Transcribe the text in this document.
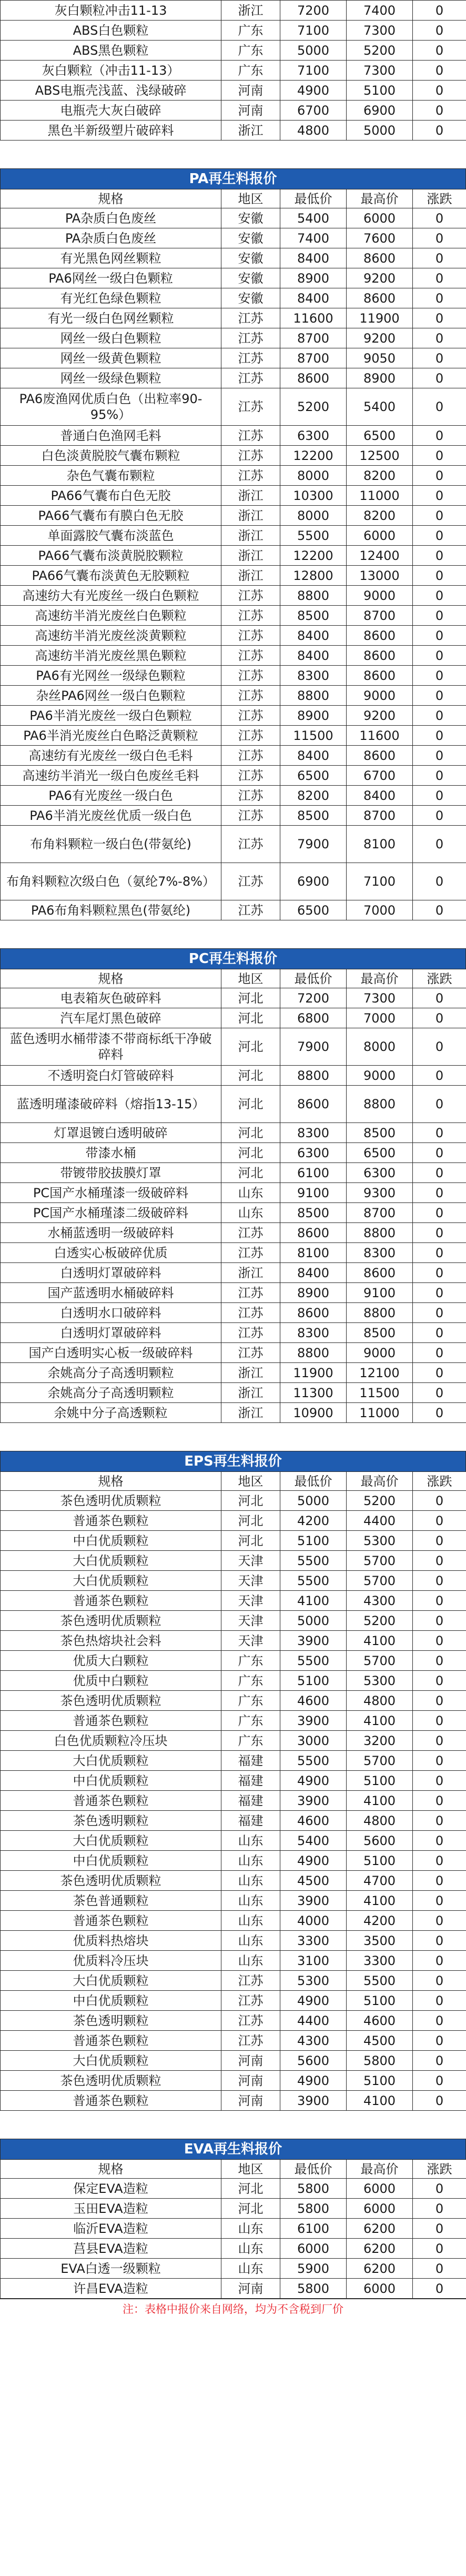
灰白颗粒冲击11-13	浙江	7200	7400	0
ABS白色颗粒	广东	7100	7300	0
ABS黑色颗粒	广东	5000	5200	0
灰白颗粒（冲击11-13）	广东	7100	7300	0
ABS电瓶壳浅蓝、浅绿破碎	河南	4900	5100	0
电瓶壳大灰白破碎	河南	6700	6900	0
黑色半新级塑片破碎料	浙江	4800	5000	0
PA再生料报价
规格	地区	最低价	最高价	涨跌
PA杂质白色废丝	安徽	5400	6000	0
PA杂质白色废丝	安徽	7400	7600	0
有光黑色网丝颗粒	安徽	8400	8600	0
PA6网丝一级白色颗粒	安徽	8900	9200	0
有光红色绿色颗粒	安徽	8400	8600	0
有光一级白色网丝颗粒	江苏	11600	11900	0
网丝一级白色颗粒	江苏	8700	9200	0
网丝一级黄色颗粒	江苏	8700	9050	0
网丝一级绿色颗粒	江苏	8600	8900	0
PA6废渔网优质白色（出粒率90-95%）	江苏	5200	5400	0
普通白色渔网毛料	江苏	6300	6500	0
白色淡黄脱胶气囊布颗粒	江苏	12200	12500	0
杂色气囊布颗粒	江苏	8000	8200	0
PA66气囊布白色无胶	浙江	10300	11000	0
PA66气囊布有膜白色无胶	浙江	8000	8200	0
单面露胶气囊布淡蓝色	浙江	5500	6000	0
PA66气囊布淡黄脱胶颗粒	浙江	12200	12400	0
PA66气囊布淡黄色无胶颗粒	浙江	12800	13000	0
高速纺大有光废丝一级白色颗粒	江苏	8800	9000	0
高速纺半消光废丝白色颗粒	江苏	8500	8700	0
高速纺半消光废丝淡黄颗粒	江苏	8400	8600	0
高速纺半消光废丝黑色颗粒	江苏	8400	8600	0
PA6有光网丝一级绿色颗粒	江苏	8300	8600	0
杂丝PA6网丝一级白色颗粒	江苏	8800	9000	0
PA6半消光废丝一级白色颗粒	江苏	8900	9200	0
PA6半消光废丝白色略泛黄颗粒	江苏	11500	11600	0
高速纺有光废丝一级白色毛料	江苏	8400	8600	0
高速纺半消光一级白色废丝毛料	江苏	6500	6700	0
PA6有光废丝一级白色	江苏	8200	8400	0
PA6半消光废丝优质一级白色	江苏	8500	8700	0
布角料颗粒一级白色(带氨纶)	江苏	7900	8100	0
布角料颗粒次级白色（氨纶7%-8%）	江苏	6900	7100	0
PA6布角料颗粒黑色(带氨纶)	江苏	6500	7000	0
PC再生料报价
规格	地区	最低价	最高价	涨跌
电表箱灰色破碎料	河北	7200	7300	0
汽车尾灯黑色破碎	河北	6800	7000	0
蓝色透明水桶带漆不带商标纸干净破碎料	河北	7900	8000	0
不透明瓷白灯管破碎料	河北	8800	9000	0
蓝透明瑾漆破碎料（熔指13-15）	河北	8600	8800	0
灯罩退镀白透明破碎	河北	8300	8500	0
带漆水桶	河北	6300	6500	0
带镀带胶拔膜灯罩	河北	6100	6300	0
PC国产水桶瑾漆一级破碎料	山东	9100	9300	0
PC国产水桶瑾漆二级破碎料	山东	8500	8700	0
水桶蓝透明一级破碎料	江苏	8600	8800	0
白透实心板破碎优质	江苏	8100	8300	0
白透明灯罩破碎料	浙江	8400	8600	0
国产蓝透明水桶破碎料	江苏	8900	9100	0
白透明水口破碎料	江苏	8600	8800	0
白透明灯罩破碎料	江苏	8300	8500	0
国产白透明实心板一级破碎料	江苏	8800	9000	0
余姚高分子高透明颗粒	浙江	11900	12100	0
余姚高分子高透明颗粒	浙江	11300	11500	0
余姚中分子高透颗粒	浙江	10900	11000	0
EPS再生料报价
规格	地区	最低价	最高价	涨跌
茶色透明优质颗粒	河北	5000	5200	0
普通茶色颗粒	河北	4200	4400	0
中白优质颗粒	河北	5100	5300	0
大白优质颗粒	天津	5500	5700	0
大白优质颗粒	天津	5500	5700	0
普通茶色颗粒	天津	4100	4300	0
茶色透明优质颗粒	天津	5000	5200	0
茶色热熔块社会料	天津	3900	4100	0
优质大白颗粒	广东	5500	5700	0
优质中白颗粒	广东	5100	5300	0
茶色透明优质颗粒	广东	4600	4800	0
普通茶色颗粒	广东	3900	4100	0
白色优质颗粒冷压块	广东	3000	3200	0
大白优质颗粒	福建	5500	5700	0
中白优质颗粒	福建	4900	5100	0
普通茶色颗粒	福建	3900	4100	0
茶色透明颗粒	福建	4600	4800	0
大白优质颗粒	山东	5400	5600	0
中白优质颗粒	山东	4900	5100	0
茶色透明优质颗粒	山东	4500	4700	0
茶色普通颗粒	山东	3900	4100	0
普通茶色颗粒	山东	4000	4200	0
优质料热熔块	山东	3300	3500	0
优质料冷压块	山东	3100	3300	0
大白优质颗粒	江苏	5300	5500	0
中白优质颗粒	江苏	4900	5100	0
茶色透明颗粒	江苏	4400	4600	0
普通茶色颗粒	江苏	4300	4500	0
大白优质颗粒	河南	5600	5800	0
茶色透明优质颗粒	河南	4900	5100	0
普通茶色颗粒	河南	3900	4100	0
EVA再生料报价
规格	地区	最低价	最高价	涨跌
保定EVA造粒	河北	5800	6000	0
玉田EVA造粒	河北	5800	6000	0
临沂EVA造粒	山东	6100	6200	0
莒县EVA造粒	山东	6000	6200	0
EVA白透一级颗粒	山东	5900	6200	0
许昌EVA造粒	河南	5800	6000	0
注：表格中报价来自网络，均为不含税到厂价
